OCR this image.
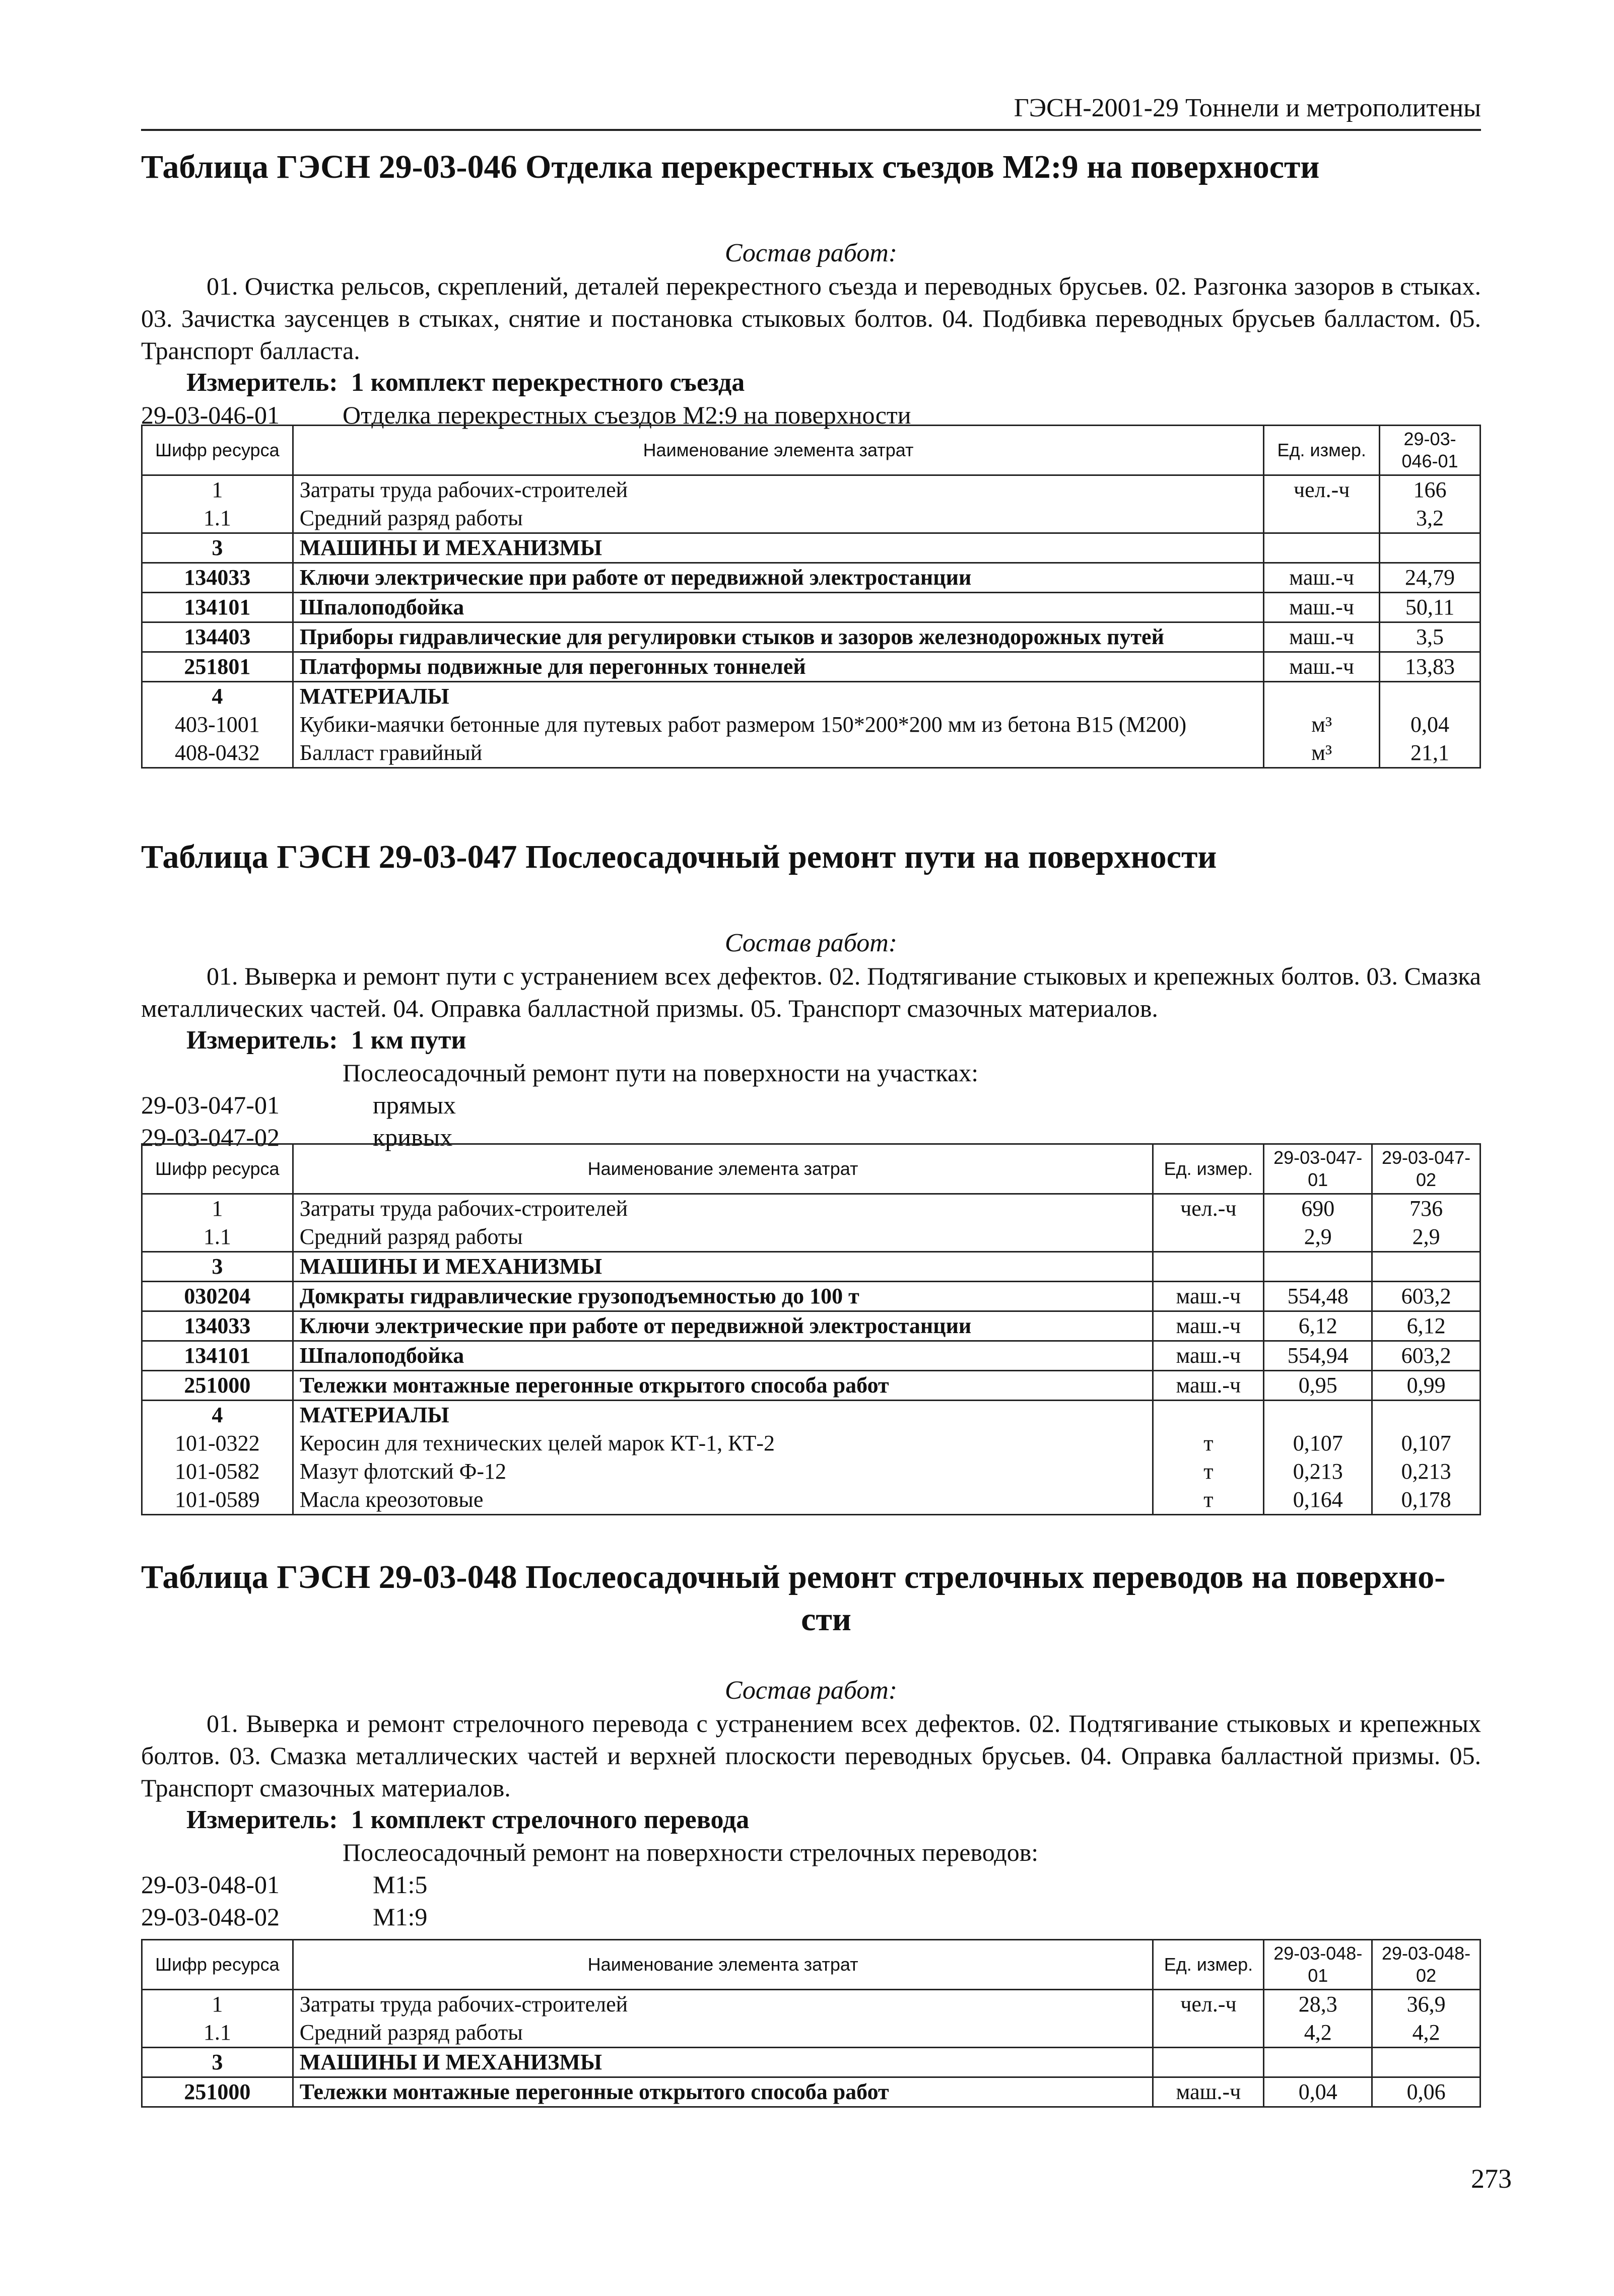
ГЭСН-2001-29 Тоннели и метрополитены

Таблица ГЭСН 29-03-046 Отделка перекрестных съездов М2:9 на поверхности

Состав работ:

01. Очистка рельсов, скреплений, деталей перекрестного съезда и переводных брусьев. 02. Разгонка зазоров в стыках. 03. Зачистка заусенцев в стыках, снятие и постановка стыковых болтов. 04. Подбивка переводных брусьев балластом. 05. Транспорт балласта.

Измеритель: 1 комплект перекрестного съезда
29-03-046-01	Отделка перекрестных съездов М2:9 на поверхности
Шифр ресурса	Наименование элемента затрат	Ед. измер.	29-03-046-01
1	Затраты труда рабочих-строителей	чел.-ч	166
1.1	Средний разряд работы		3,2
3	МАШИНЫ И МЕХАНИЗМЫ		
134033	Ключи электрические при работе от передвижной электростанции	маш.-ч	24,79
134101	Шпалоподбойка	маш.-ч	50,11
134403	Приборы гидравлические для регулировки стыков и зазоров железнодорожных путей	маш.-ч	3,5
251801	Платформы подвижные для перегонных тоннелей	маш.-ч	13,83
4	МАТЕРИАЛЫ		
403-1001	Кубики-маячки бетонные для путевых работ размером 150*200*200 мм из бетона В15 (М200)	м³	0,04
408-0432	Балласт гравийный	м³	21,1

Таблица ГЭСН 29-03-047 Послеосадочный ремонт пути на поверхности

Состав работ:

01. Выверка и ремонт пути с устранением всех дефектов. 02. Подтягивание стыковых и крепежных болтов. 03. Смазка металлических частей. 04. Оправка балластной призмы. 05. Транспорт смазочных материалов.

Измеритель: 1 км пути
Послеосадочный ремонт пути на поверхности на участках:
29-03-047-01	прямых
29-03-047-02	кривых
Шифр ресурса	Наименование элемента затрат	Ед. измер.	29-03-047-01	29-03-047-02
1	Затраты труда рабочих-строителей	чел.-ч	690	736
1.1	Средний разряд работы		2,9	2,9
3	МАШИНЫ И МЕХАНИЗМЫ			
030204	Домкраты гидравлические грузоподъемностью до 100 т	маш.-ч	554,48	603,2
134033	Ключи электрические при работе от передвижной электростанции	маш.-ч	6,12	6,12
134101	Шпалоподбойка	маш.-ч	554,94	603,2
251000	Тележки монтажные перегонные открытого способа работ	маш.-ч	0,95	0,99
4	МАТЕРИАЛЫ			
101-0322	Керосин для технических целей марок КТ-1, КТ-2	т	0,107	0,107
101-0582	Мазут флотский Ф-12	т	0,213	0,213
101-0589	Масла креозотовые	т	0,164	0,178

Таблица ГЭСН 29-03-048 Послеосадочный ремонт стрелочных переводов на поверхно-
сти

Состав работ:

01. Выверка и ремонт стрелочного перевода с устранением всех дефектов. 02. Подтягивание стыковых и крепежных болтов. 03. Смазка металлических частей и верхней плоскости переводных брусьев. 04. Оправка балластной призмы. 05. Транспорт смазочных материалов.

Измеритель: 1 комплект стрелочного перевода
Послеосадочный ремонт на поверхности стрелочных переводов:
29-03-048-01	М1:5
29-03-048-02	М1:9
Шифр ресурса	Наименование элемента затрат	Ед. измер.	29-03-048-01	29-03-048-02
1	Затраты труда рабочих-строителей	чел.-ч	28,3	36,9
1.1	Средний разряд работы		4,2	4,2
3	МАШИНЫ И МЕХАНИЗМЫ			
251000	Тележки монтажные перегонные открытого способа работ	маш.-ч	0,04	0,06
273
